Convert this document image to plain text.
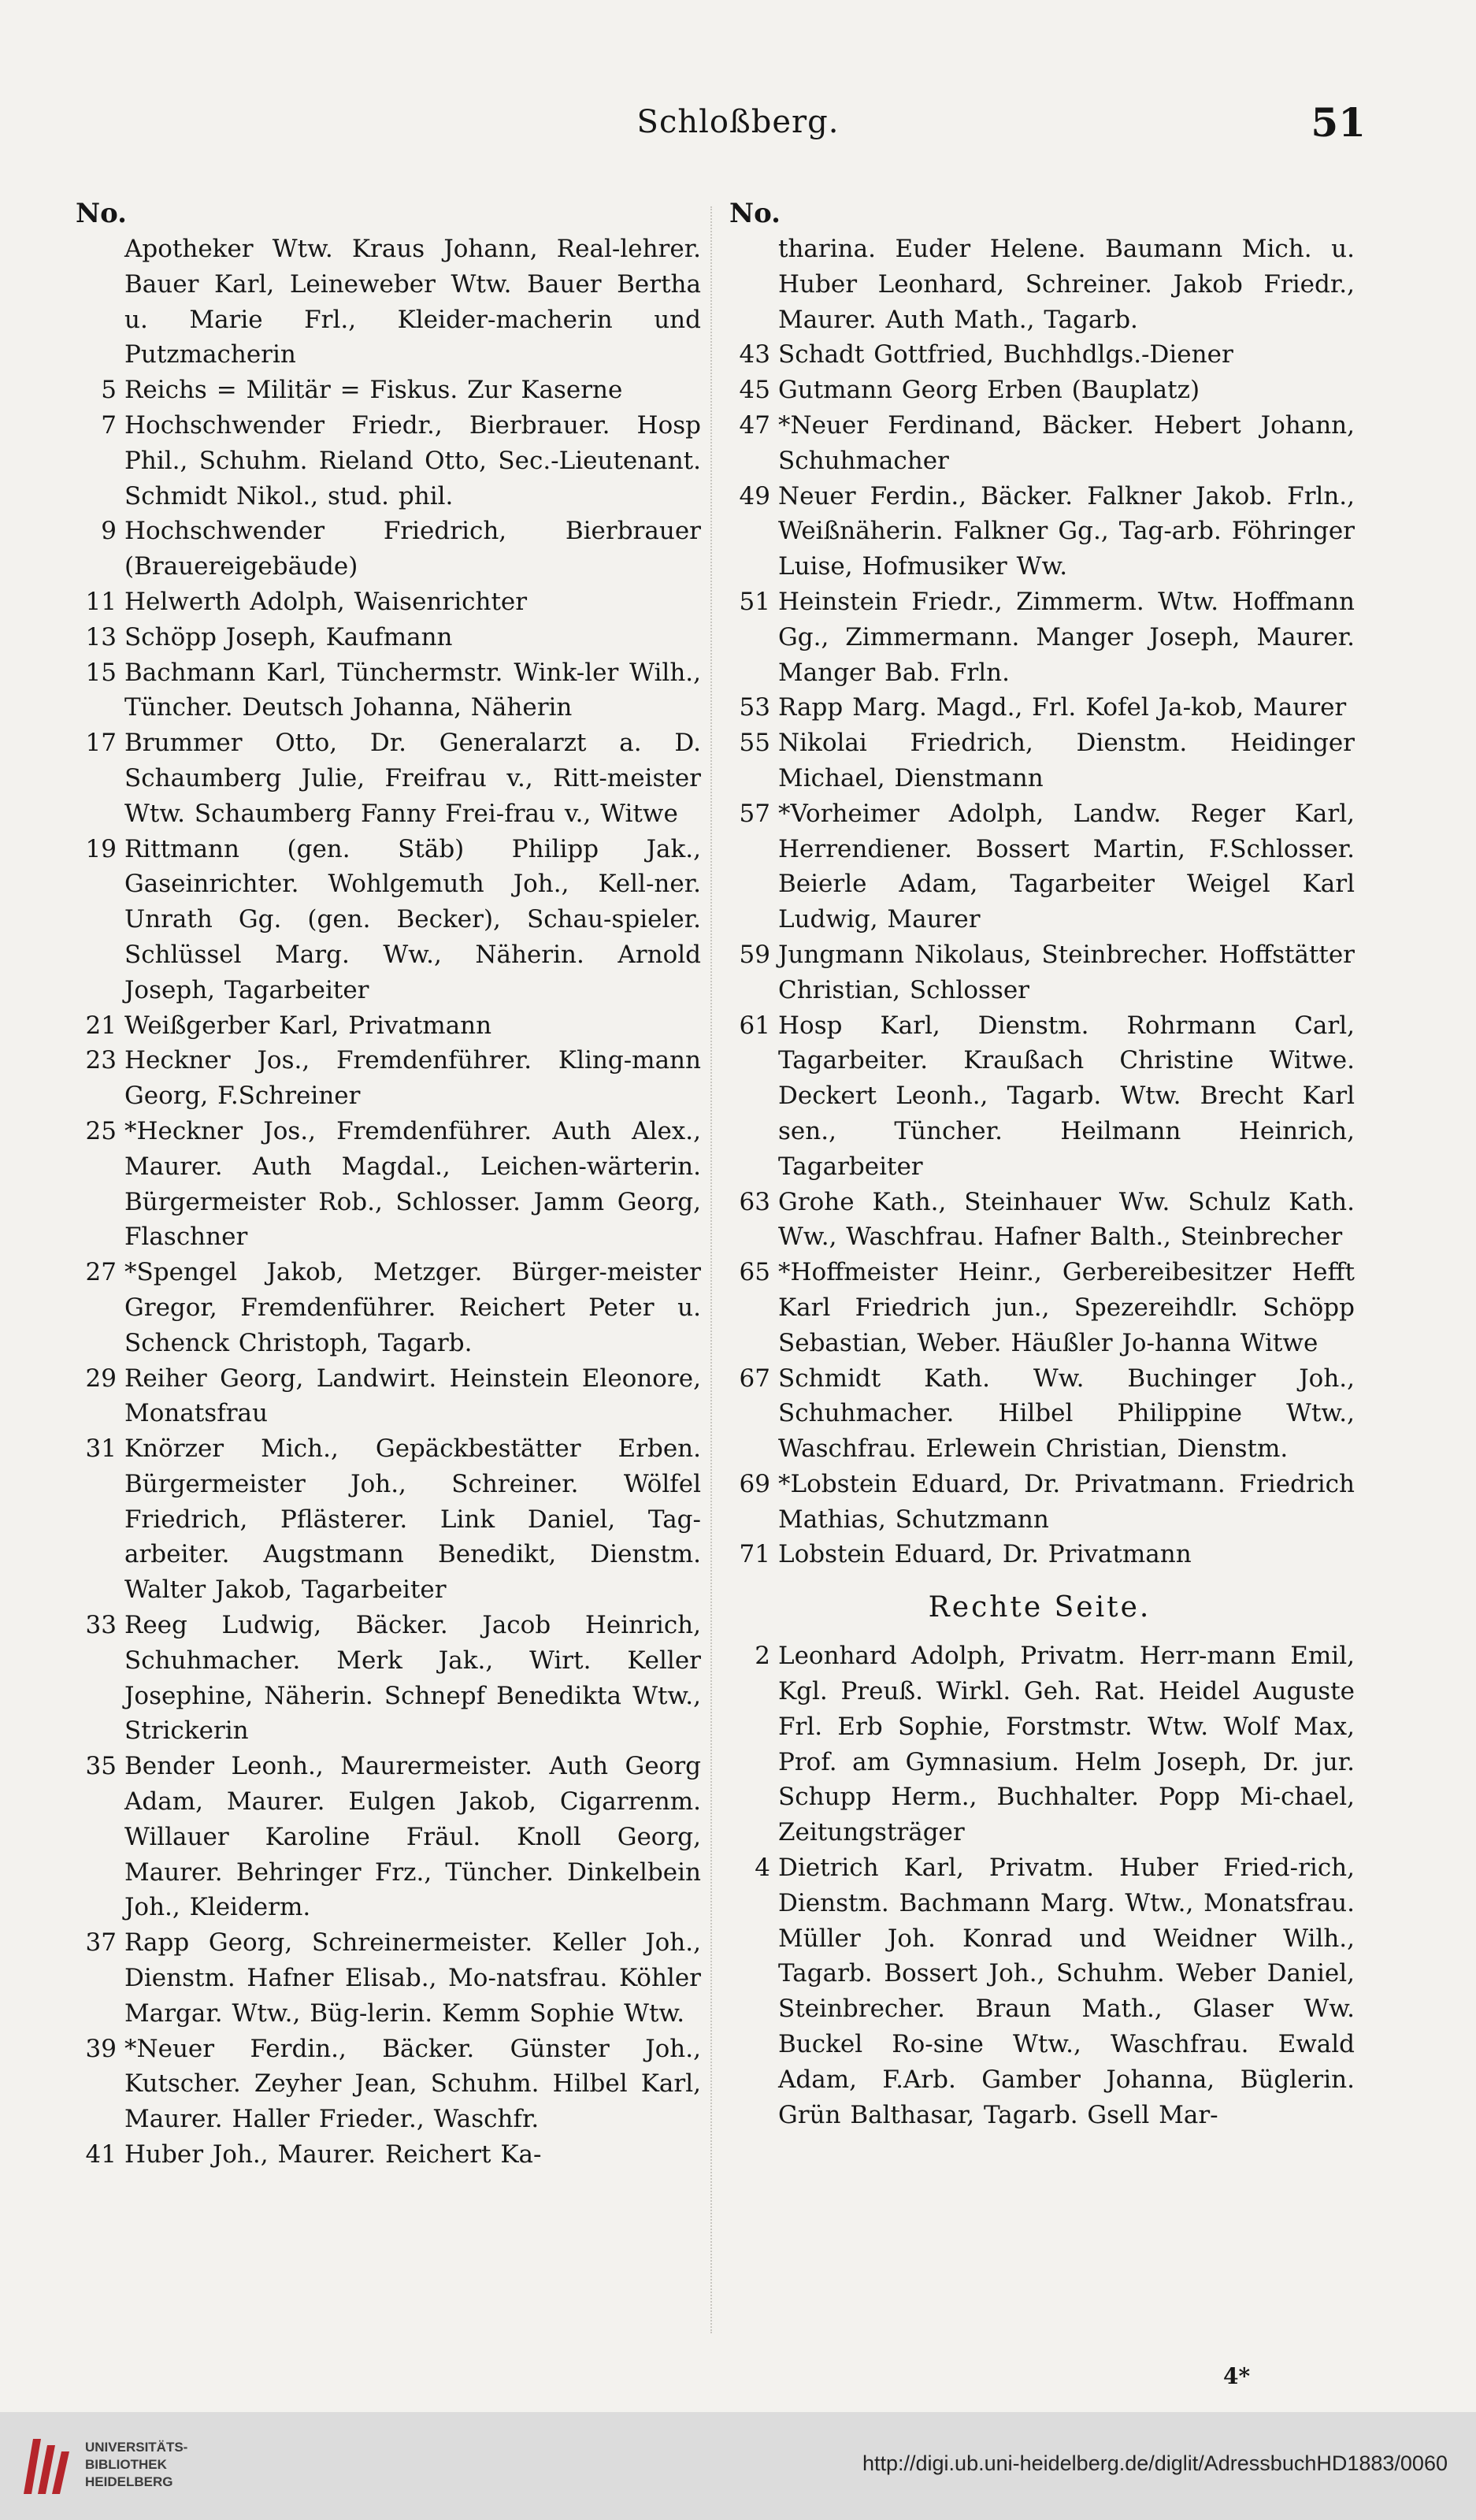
Schloßberg.	51
No.
Apotheker Wtw. Kraus Johann, Real-lehrer. Bauer Karl, Leineweber Wtw. Bauer Bertha u. Marie Frl., Kleider-macherin und Putzmacherin
5 Reichs = Militär = Fiskus. Zur Kaserne
7 Hochschwender Friedr., Bierbrauer. Hosp Phil., Schuhm. Rieland Otto, Sec.-Lieutenant. Schmidt Nikol., stud. phil.
9 Hochschwender Friedrich, Bierbrauer (Brauereigebäude)
11 Helwerth Adolph, Waisenrichter
13 Schöpp Joseph, Kaufmann
15 Bachmann Karl, Tünchermstr. Wink-ler Wilh., Tüncher. Deutsch Johanna, Näherin
17 Brummer Otto, Dr. Generalarzt a. D. Schaumberg Julie, Freifrau v., Ritt-meister Wtw. Schaumberg Fanny Frei-frau v., Witwe
19 Rittmann (gen. Stäb) Philipp Jak., Gaseinrichter. Wohlgemuth Joh., Kell-ner. Unrath Gg. (gen. Becker), Schau-spieler. Schlüssel Marg. Ww., Näherin. Arnold Joseph, Tagarbeiter
21 Weißgerber Karl, Privatmann
23 Heckner Jos., Fremdenführer. Kling-mann Georg, F.Schreiner
25 *Heckner Jos., Fremdenführer. Auth Alex., Maurer. Auth Magdal., Leichen-wärterin. Bürgermeister Rob., Schlosser. Jamm Georg, Flaschner
27 *Spengel Jakob, Metzger. Bürger-meister Gregor, Fremdenführer. Reichert Peter u. Schenck Christoph, Tagarb.
29 Reiher Georg, Landwirt. Heinstein Eleonore, Monatsfrau
31 Knörzer Mich., Gepäckbestätter Erben. Bürgermeister Joh., Schreiner. Wölfel Friedrich, Pflästerer. Link Daniel, Tag-arbeiter. Augstmann Benedikt, Dienstm. Walter Jakob, Tagarbeiter
33 Reeg Ludwig, Bäcker. Jacob Heinrich, Schuhmacher. Merk Jak., Wirt. Keller Josephine, Näherin. Schnepf Benedikta Wtw., Strickerin
35 Bender Leonh., Maurermeister. Auth Georg Adam, Maurer. Eulgen Jakob, Cigarrenm. Willauer Karoline Fräul. Knoll Georg, Maurer. Behringer Frz., Tüncher. Dinkelbein Joh., Kleiderm.
37 Rapp Georg, Schreinermeister. Keller Joh., Dienstm. Hafner Elisab., Mo-natsfrau. Köhler Margar. Wtw., Büg-lerin. Kemm Sophie Wtw.
39 *Neuer Ferdin., Bäcker. Günster Joh., Kutscher. Zeyher Jean, Schuhm. Hilbel Karl, Maurer. Haller Frieder., Waschfr.
41 Huber Joh., Maurer. Reichert Ka-
No.
tharina. Euder Helene. Baumann Mich. u. Huber Leonhard, Schreiner. Jakob Friedr., Maurer. Auth Math., Tagarb.
43 Schadt Gottfried, Buchhdlgs.-Diener
45 Gutmann Georg Erben (Bauplatz)
47 *Neuer Ferdinand, Bäcker. Hebert Johann, Schuhmacher
49 Neuer Ferdin., Bäcker. Falkner Jakob. Frln., Weißnäherin. Falkner Gg., Tag-arb. Föhringer Luise, Hofmusiker Ww.
51 Heinstein Friedr., Zimmerm. Wtw. Hoffmann Gg., Zimmermann. Manger Joseph, Maurer. Manger Bab. Frln.
53 Rapp Marg. Magd., Frl. Kofel Ja-kob, Maurer
55 Nikolai Friedrich, Dienstm. Heidinger Michael, Dienstmann
57 *Vorheimer Adolph, Landw. Reger Karl, Herrendiener. Bossert Martin, F.Schlosser. Beierle Adam, Tagarbeiter Weigel Karl Ludwig, Maurer
59 Jungmann Nikolaus, Steinbrecher. Hoffstätter Christian, Schlosser
61 Hosp Karl, Dienstm. Rohrmann Carl, Tagarbeiter. Kraußach Christine Witwe. Deckert Leonh., Tagarb. Wtw. Brecht Karl sen., Tüncher. Heilmann Heinrich, Tagarbeiter
63 Grohe Kath., Steinhauer Ww. Schulz Kath. Ww., Waschfrau. Hafner Balth., Steinbrecher
65 *Hoffmeister Heinr., Gerbereibesitzer Hefft Karl Friedrich jun., Spezereihdlr. Schöpp Sebastian, Weber. Häußler Jo-hanna Witwe
67 Schmidt Kath. Ww. Buchinger Joh., Schuhmacher. Hilbel Philippine Wtw., Waschfrau. Erlewein Christian, Dienstm.
69 *Lobstein Eduard, Dr. Privatmann. Friedrich Mathias, Schutzmann
71 Lobstein Eduard, Dr. Privatmann
Rechte Seite.
2 Leonhard Adolph, Privatm. Herr-mann Emil, Kgl. Preuß. Wirkl. Geh. Rat. Heidel Auguste Frl. Erb Sophie, Forstmstr. Wtw. Wolf Max, Prof. am Gymnasium. Helm Joseph, Dr. jur. Schupp Herm., Buchhalter. Popp Mi-chael, Zeitungsträger
4 Dietrich Karl, Privatm. Huber Fried-rich, Dienstm. Bachmann Marg. Wtw., Monatsfrau. Müller Joh. Konrad und Weidner Wilh., Tagarb. Bossert Joh., Schuhm. Weber Daniel, Steinbrecher. Braun Math., Glaser Ww. Buckel Ro-sine Wtw., Waschfrau. Ewald Adam, F.Arb. Gamber Johanna, Büglerin. Grün Balthasar, Tagarb. Gsell Mar-
4*
UNIVERSITÄTS-
BIBLIOTHEK
HEIDELBERG
http://digi.ub.uni-heidelberg.de/diglit/AdressbuchHD1883/0060
